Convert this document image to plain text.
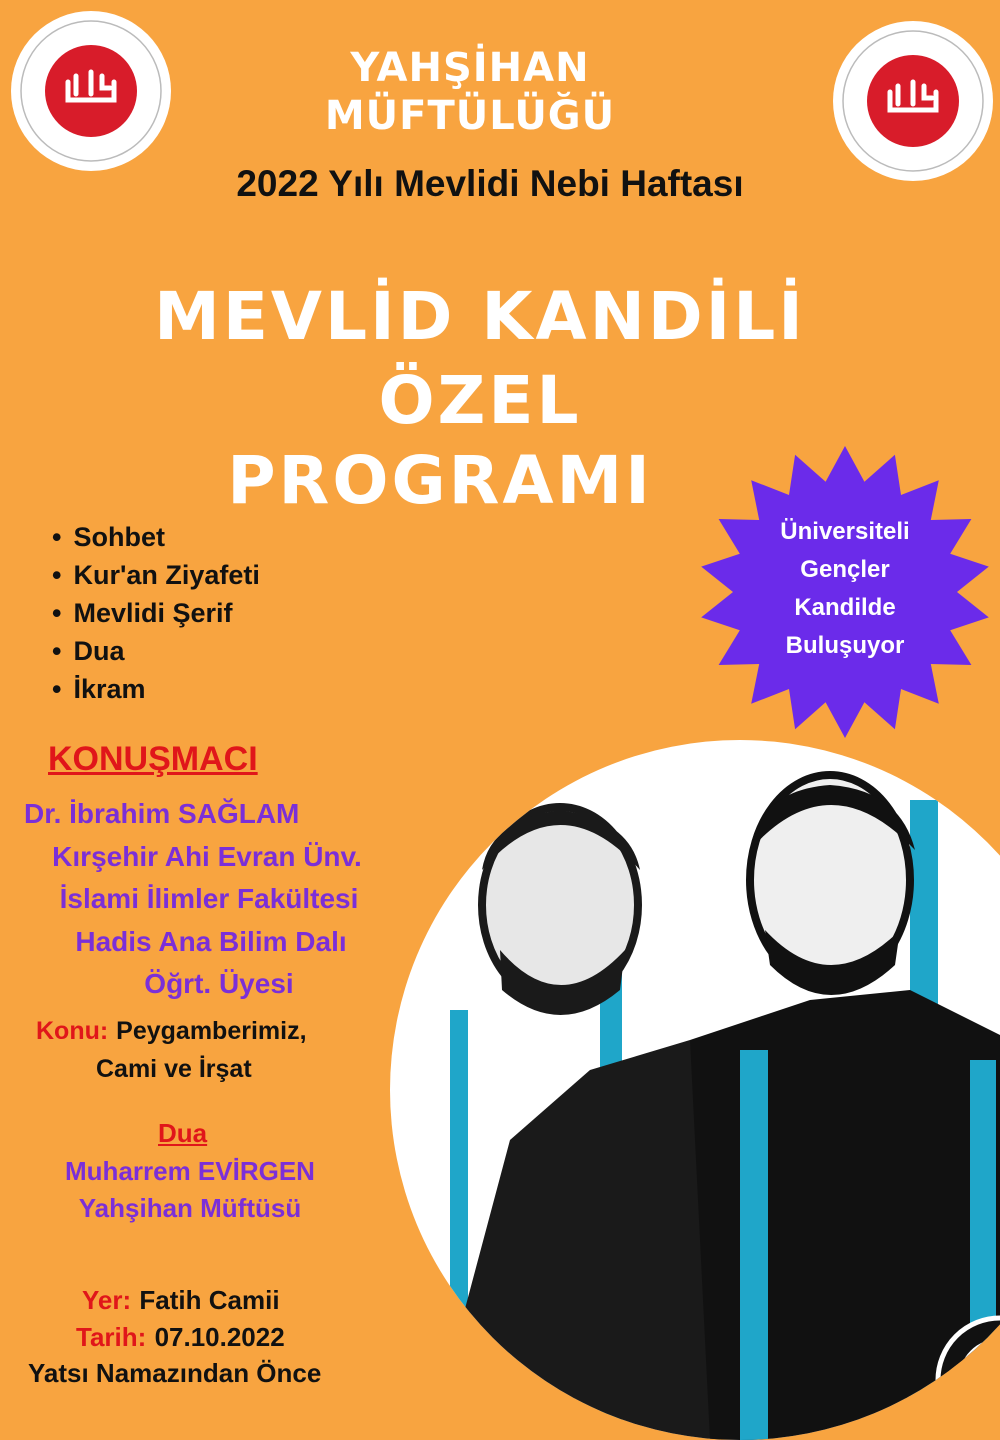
YAHŞİHAN
MÜFTÜLÜĞÜ
2022 Yılı Mevlidi Nebi Haftası
MEVLİD KANDİLİ
ÖZEL
PROGRAMI
• Sohbet
• Kur'an Ziyafeti
• Mevlidi Şerif
• Dua
• İkram
Üniversiteli
Gençler
Kandilde
Buluşuyor
KONUŞMACI
Dr. İbrahim SAĞLAM
Kırşehir Ahi Evran Ünv.
İslami İlimler Fakültesi
Hadis Ana Bilim Dalı
Öğrt. Üyesi
Konu: Peygamberimiz,
Cami ve İrşat
Dua
Muharrem EVİRGEN
Yahşihan Müftüsü
Yer: Fatih Camii
Tarih: 07.10.2022
Yatsı Namazından Önce
